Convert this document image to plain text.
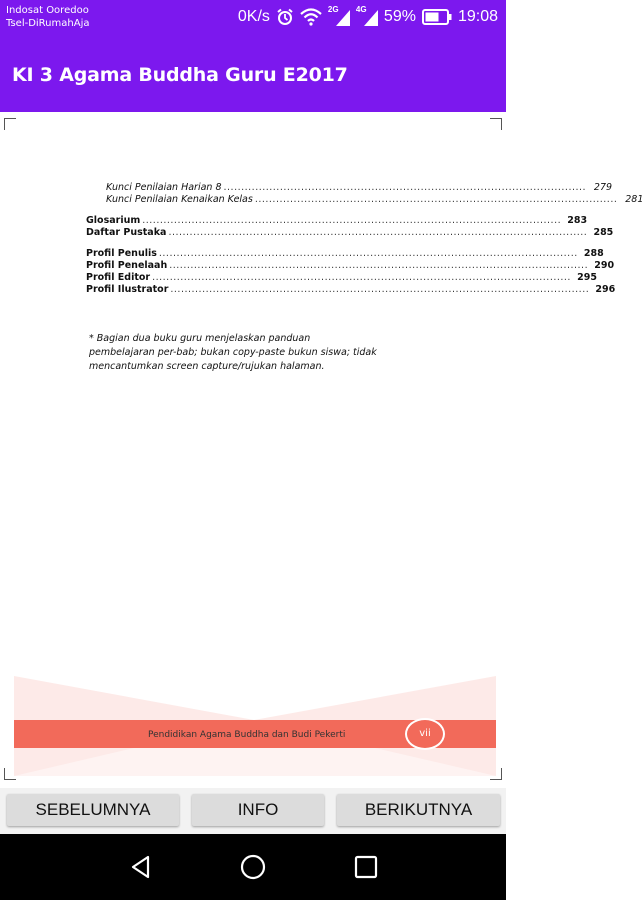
Indosat Ooredoo
Tsel-DiRumahAja	0K/s	2G 4G 59%	19:08
KI 3 Agama Buddha Guru E2017
Kunci Penilaian Harian 8 ....................................................................................................... 279
Kunci Penilaian Kenaikan Kelas ....................................................................................................... 281
Glosarium ....................................................................................................................... 283
Daftar Pustaka ....................................................................................................................... 285
Profil Penulis ....................................................................................................................... 288
Profil Penelaah ....................................................................................................................... 290
Profil Editor ....................................................................................................................... 295
Profil Ilustrator ....................................................................................................................... 296
* Bagian dua buku guru menjelaskan panduan
pembelajaran per-bab; bukan copy-paste bukun siswa; tidak
mencantumkan screen capture/rujukan halaman.
Pendidikan Agama Buddha dan Budi Pekerti	vii
SEBELUMNYA	INFO	BERIKUTNYA
